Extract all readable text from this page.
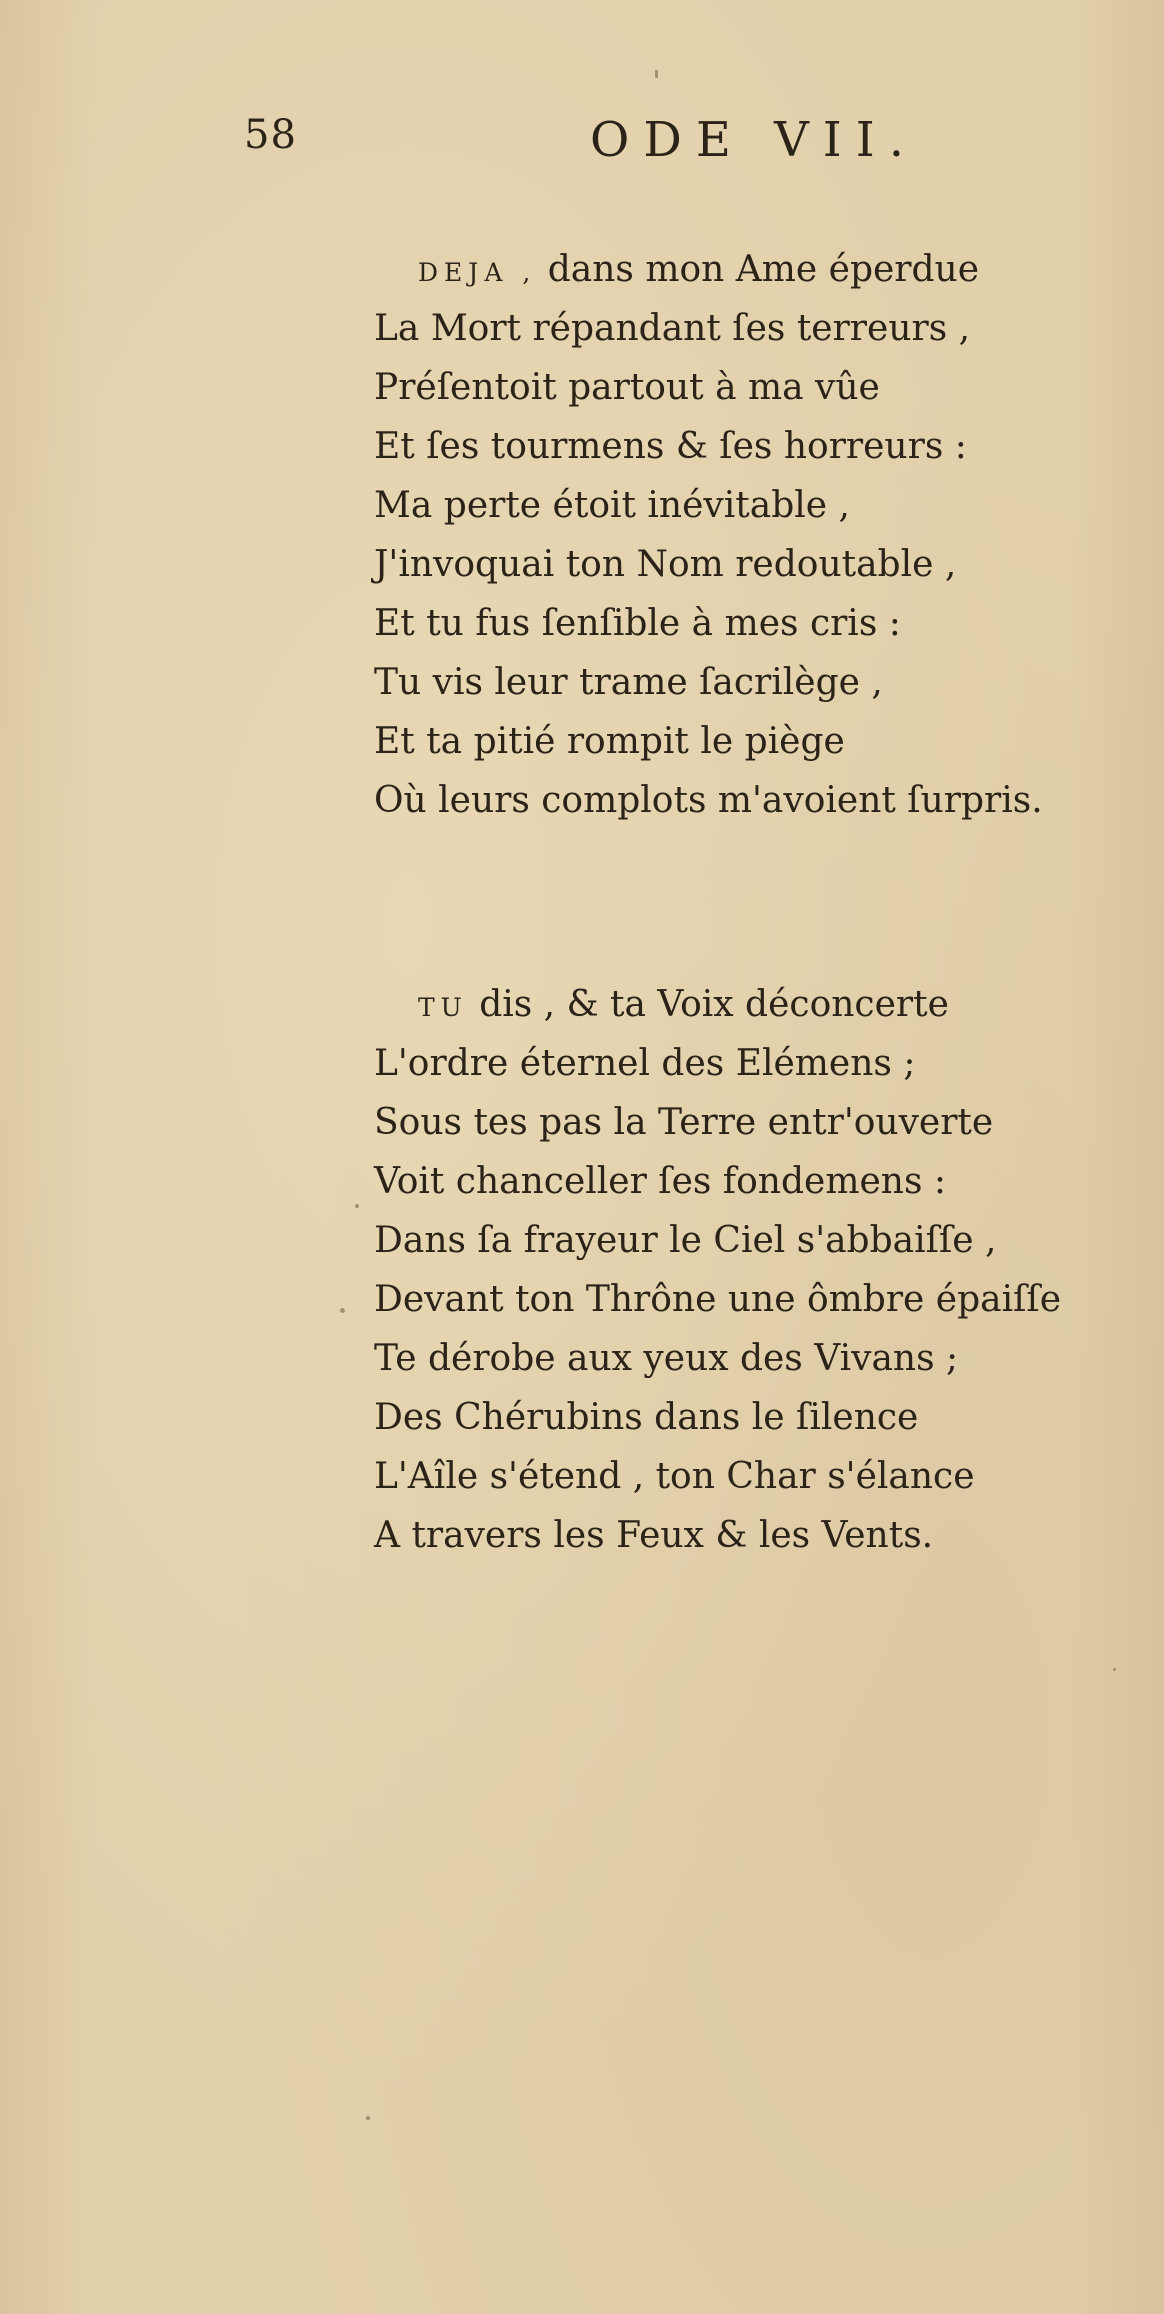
58	ODE VII.
DEJA , dans mon Ame éperdue
La Mort répandant ſes terreurs ,
Préſentoit partout à ma vûe
Et ſes tourmens & ſes horreurs :
Ma perte étoit inévitable ,
J'invoquai ton Nom redoutable ,
Et tu fus ſenſible à mes cris :
Tu vis leur trame ſacrilège ,
Et ta pitié rompit le piège
Où leurs complots m'avoient ſurpris.
TU dis , & ta Voix déconcerte
L'ordre éternel des Elémens ;
Sous tes pas la Terre entr'ouverte
Voit chanceller ſes fondemens :
Dans ſa frayeur le Ciel s'abbaiſſe ,
Devant ton Thrône une ômbre épaiſſe
Te dérobe aux yeux des Vivans ;
Des Chérubins dans le ſilence
L'Aîle s'étend , ton Char s'élance
A travers les Feux & les Vents.
